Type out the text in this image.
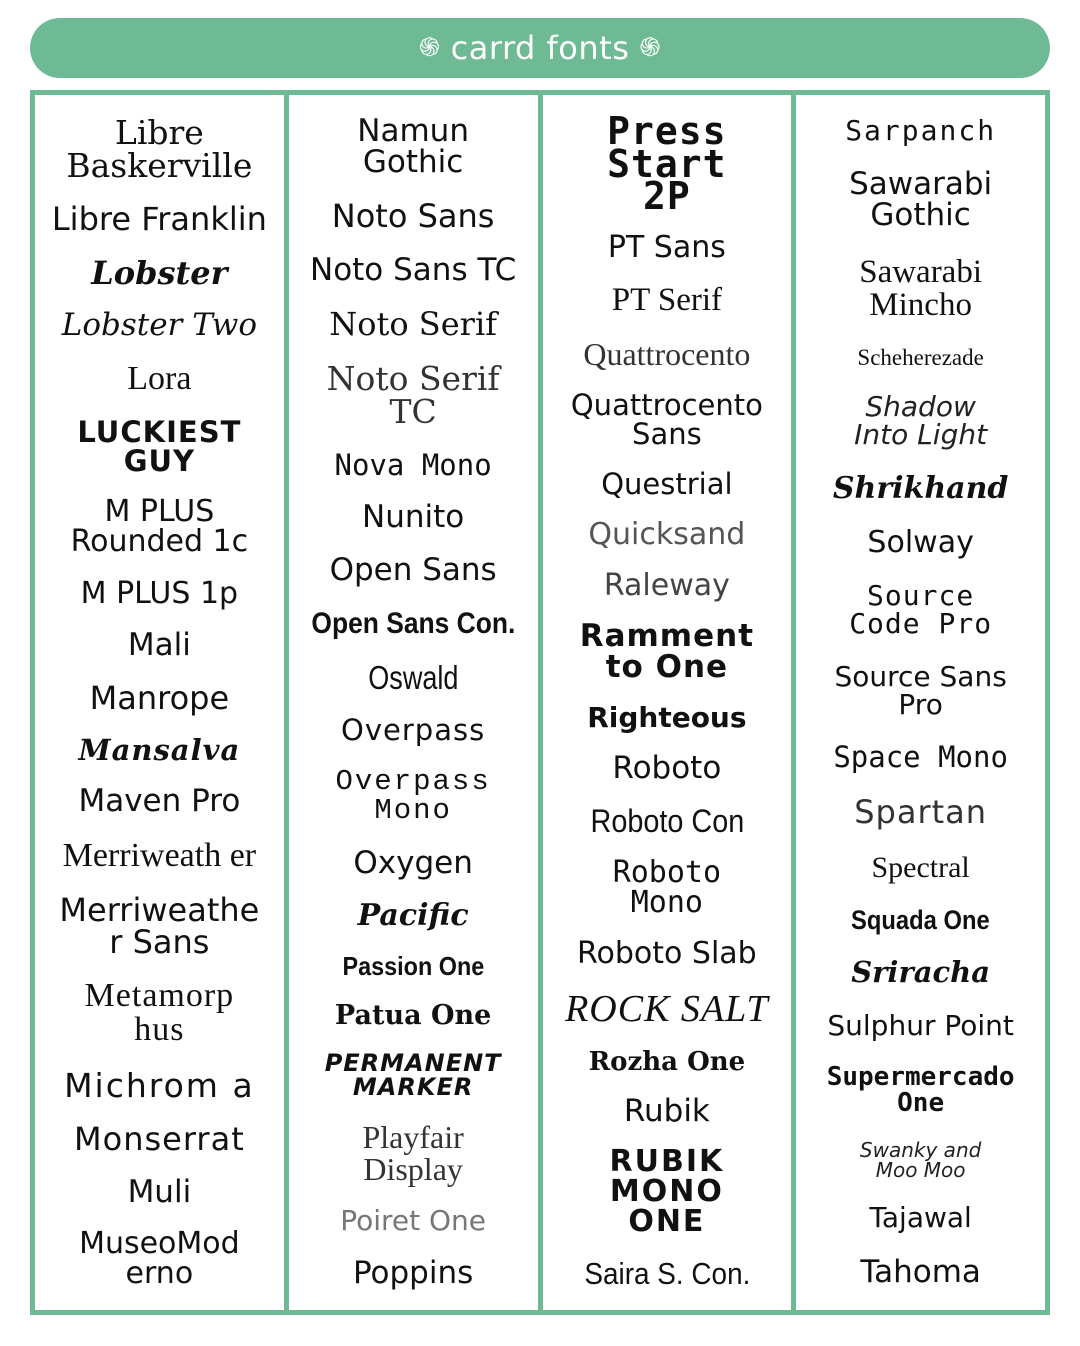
֍ carrd fonts ֍
Libre Baskerville
Libre Franklin
Lobster
Lobster Two
Lora
LUCKIEST GUY
M PLUS Rounded 1c
M PLUS 1p
Mali
Manrope
Mansalva
Maven Pro
Merriweath er
Merriweathe r Sans
Metamorp hus
Michrom a
Monserrat
Muli
MuseoMod erno
Namun Gothic
Noto Sans
Noto Sans TC
Noto Serif
Noto Serif TC
Nova Mono
Nunito
Open Sans
Open Sans Con.
Oswald
Overpass
Overpass Mono
Oxygen
Pacific
Passion One
Patua One
PERMANENT MARKER
Playfair Display
Poiret One
Poppins
Press Start 2P
PT Sans
PT Serif
Quattrocento
Quattrocento Sans
Questrial
Quicksand
Raleway
Ramment to One
Righteous
Roboto
Roboto Con
Roboto Mono
Roboto Slab
ROCK SALT
Rozha One
Rubik
RUBIK MONO ONE
Saira S. Con.
Sarpanch
Sawarabi Gothic
Sawarabi Mincho
Scheherezade
Shadow Into Light
Shrikhand
Solway
Source Code Pro
Source Sans Pro
Space Mono
Spartan
Spectral
Squada One
Sriracha
Sulphur Point
Supermercado One
Swanky and Moo Moo
Tajawal
Tahoma
